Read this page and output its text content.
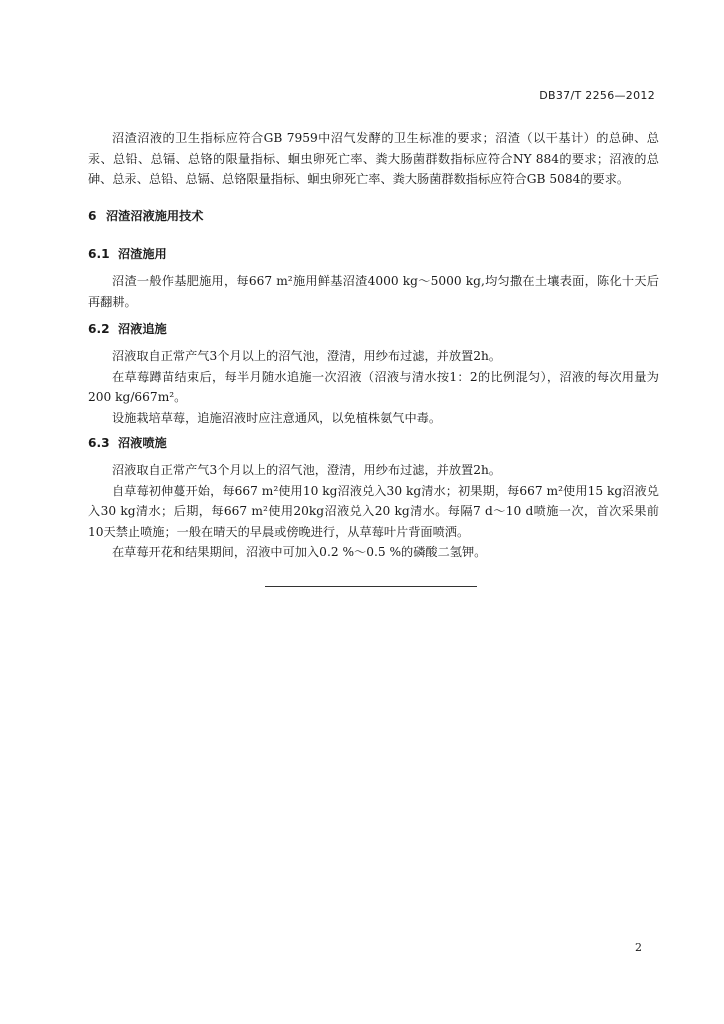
DB37/T 2256—2012

沼渣沼液的卫生指标应符合GB 7959中沼气发酵的卫生标准的要求；沼渣（以干基计）的总砷、总汞、总铅、总镉、总铬的限量指标、蛔虫卵死亡率、粪大肠菌群数指标应符合NY 884的要求；沼液的总砷、总汞、总铅、总镉、总铬限量指标、蛔虫卵死亡率、粪大肠菌群数指标应符合GB 5084的要求。

6 沼渣沼液施用技术
6.1 沼渣施用

沼渣一般作基肥施用，每667 m²施用鲜基沼渣4000 kg～5000 kg,均匀撒在土壤表面，陈化十天后再翻耕。

6.2 沼液追施

沼液取自正常产气3个月以上的沼气池，澄清，用纱布过滤，并放置2h。

在草莓蹲苗结束后，每半月随水追施一次沼液（沼液与清水按1：2的比例混匀），沼液的每次用量为200 kg/667m²。

设施栽培草莓，追施沼液时应注意通风，以免植株氨气中毒。

6.3 沼液喷施

沼液取自正常产气3个月以上的沼气池，澄清，用纱布过滤，并放置2h。

自草莓初伸蔓开始，每667 m²使用10 kg沼液兑入30 kg清水；初果期，每667 m²使用15 kg沼液兑入30 kg清水；后期，每667 m²使用20kg沼液兑入20 kg清水。每隔7 d～10 d喷施一次，首次采果前10天禁止喷施；一般在晴天的早晨或傍晚进行，从草莓叶片背面喷洒。

在草莓开花和结果期间，沼液中可加入0.2 %～0.5 %的磷酸二氢钾。

2
